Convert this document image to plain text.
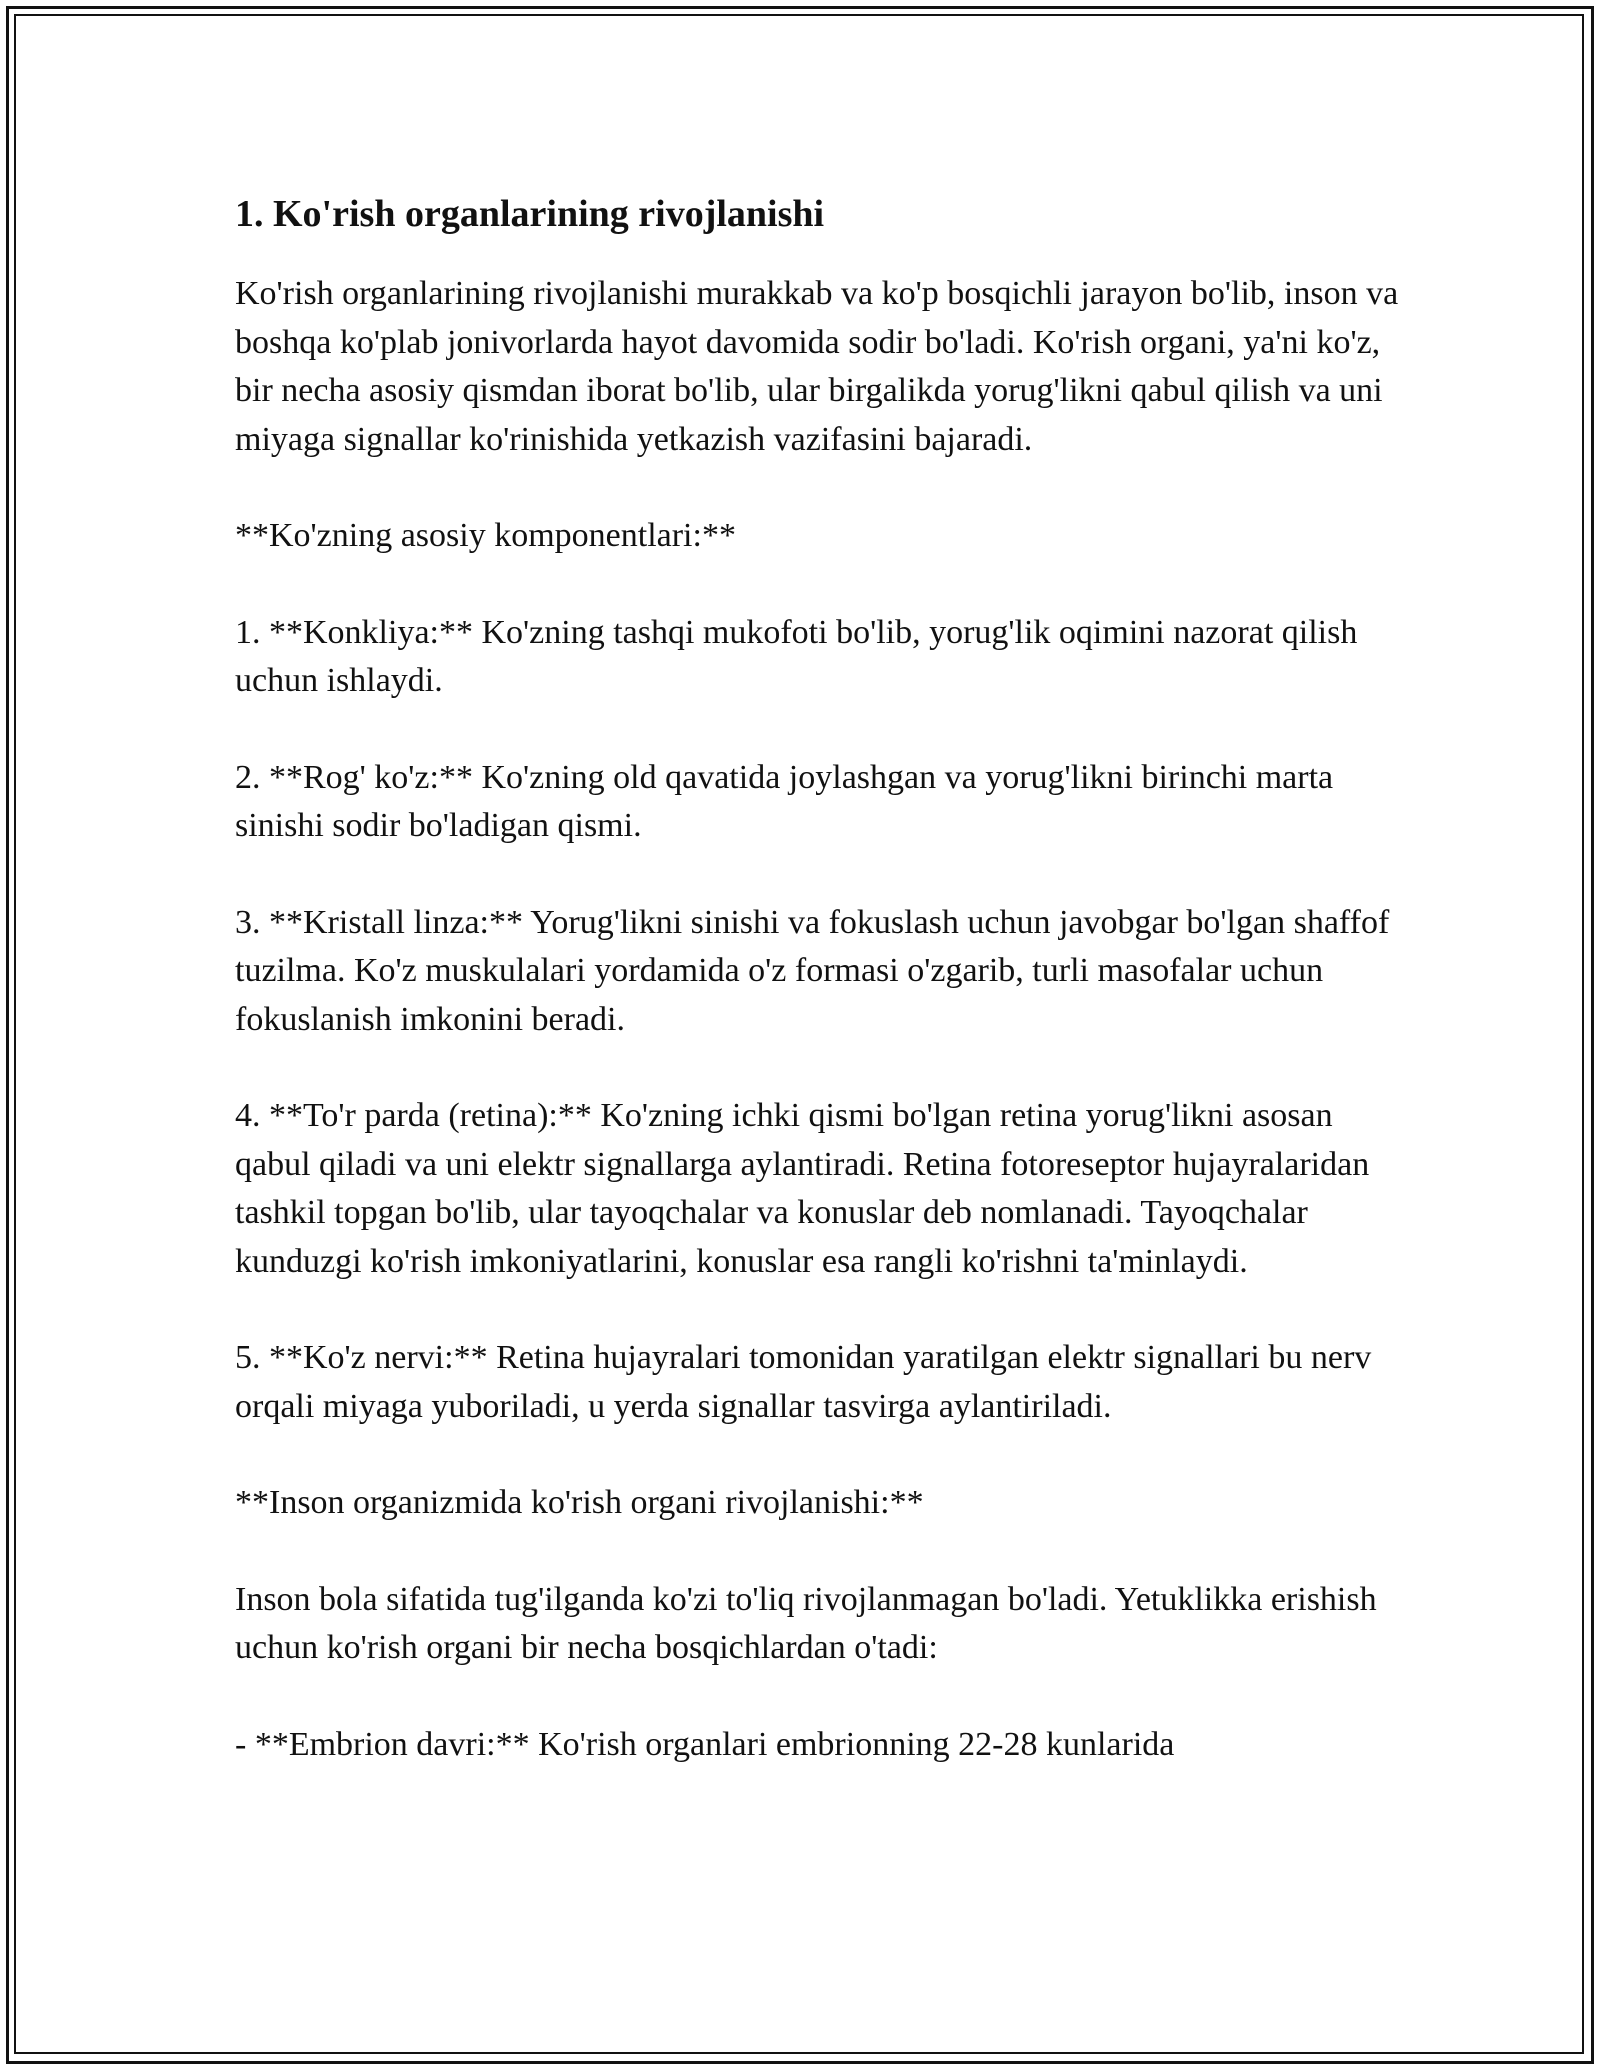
1. Ko'rish organlarining rivojlanishi

Ko'rish organlarining rivojlanishi murakkab va ko'p bosqichli jarayon bo'lib, inson va boshqa ko'plab jonivorlarda hayot davomida sodir bo'ladi. Ko'rish organi, ya'ni ko'z, bir necha asosiy qismdan iborat bo'lib, ular birgalikda yorug'likni qabul qilish va uni miyaga signallar ko'rinishida yetkazish vazifasini bajaradi.

**Ko'zning asosiy komponentlari:**

1. **Konkliya:** Ko'zning tashqi mukofoti bo'lib, yorug'lik oqimini nazorat qilish uchun ishlaydi.

2. **Rog' ko'z:** Ko'zning old qavatida joylashgan va yorug'likni birinchi marta sinishi sodir bo'ladigan qismi.

3. **Kristall linza:** Yorug'likni sinishi va fokuslash uchun javobgar bo'lgan shaffof tuzilma. Ko'z muskulalari yordamida o'z formasi o'zgarib, turli masofalar uchun fokuslanish imkonini beradi.

4. **To'r parda (retina):** Ko'zning ichki qismi bo'lgan retina yorug'likni asosan qabul qiladi va uni elektr signallarga aylantiradi. Retina fotoreseptor hujayralaridan tashkil topgan bo'lib, ular tayoqchalar va konuslar deb nomlanadi. Tayoqchalar kunduzgi ko'rish imkoniyatlarini, konuslar esa rangli ko'rishni ta'minlaydi.

5. **Ko'z nervi:** Retina hujayralari tomonidan yaratilgan elektr signallari bu nerv orqali miyaga yuboriladi, u yerda signallar tasvirga aylantiriladi.

**Inson organizmida ko'rish organi rivojlanishi:**

Inson bola sifatida tug'ilganda ko'zi to'liq rivojlanmagan bo'ladi. Yetuklikka erishish uchun ko'rish organi bir necha bosqichlardan o'tadi:

- **Embrion davri:** Ko'rish organlari embrionning 22-28 kunlarida
